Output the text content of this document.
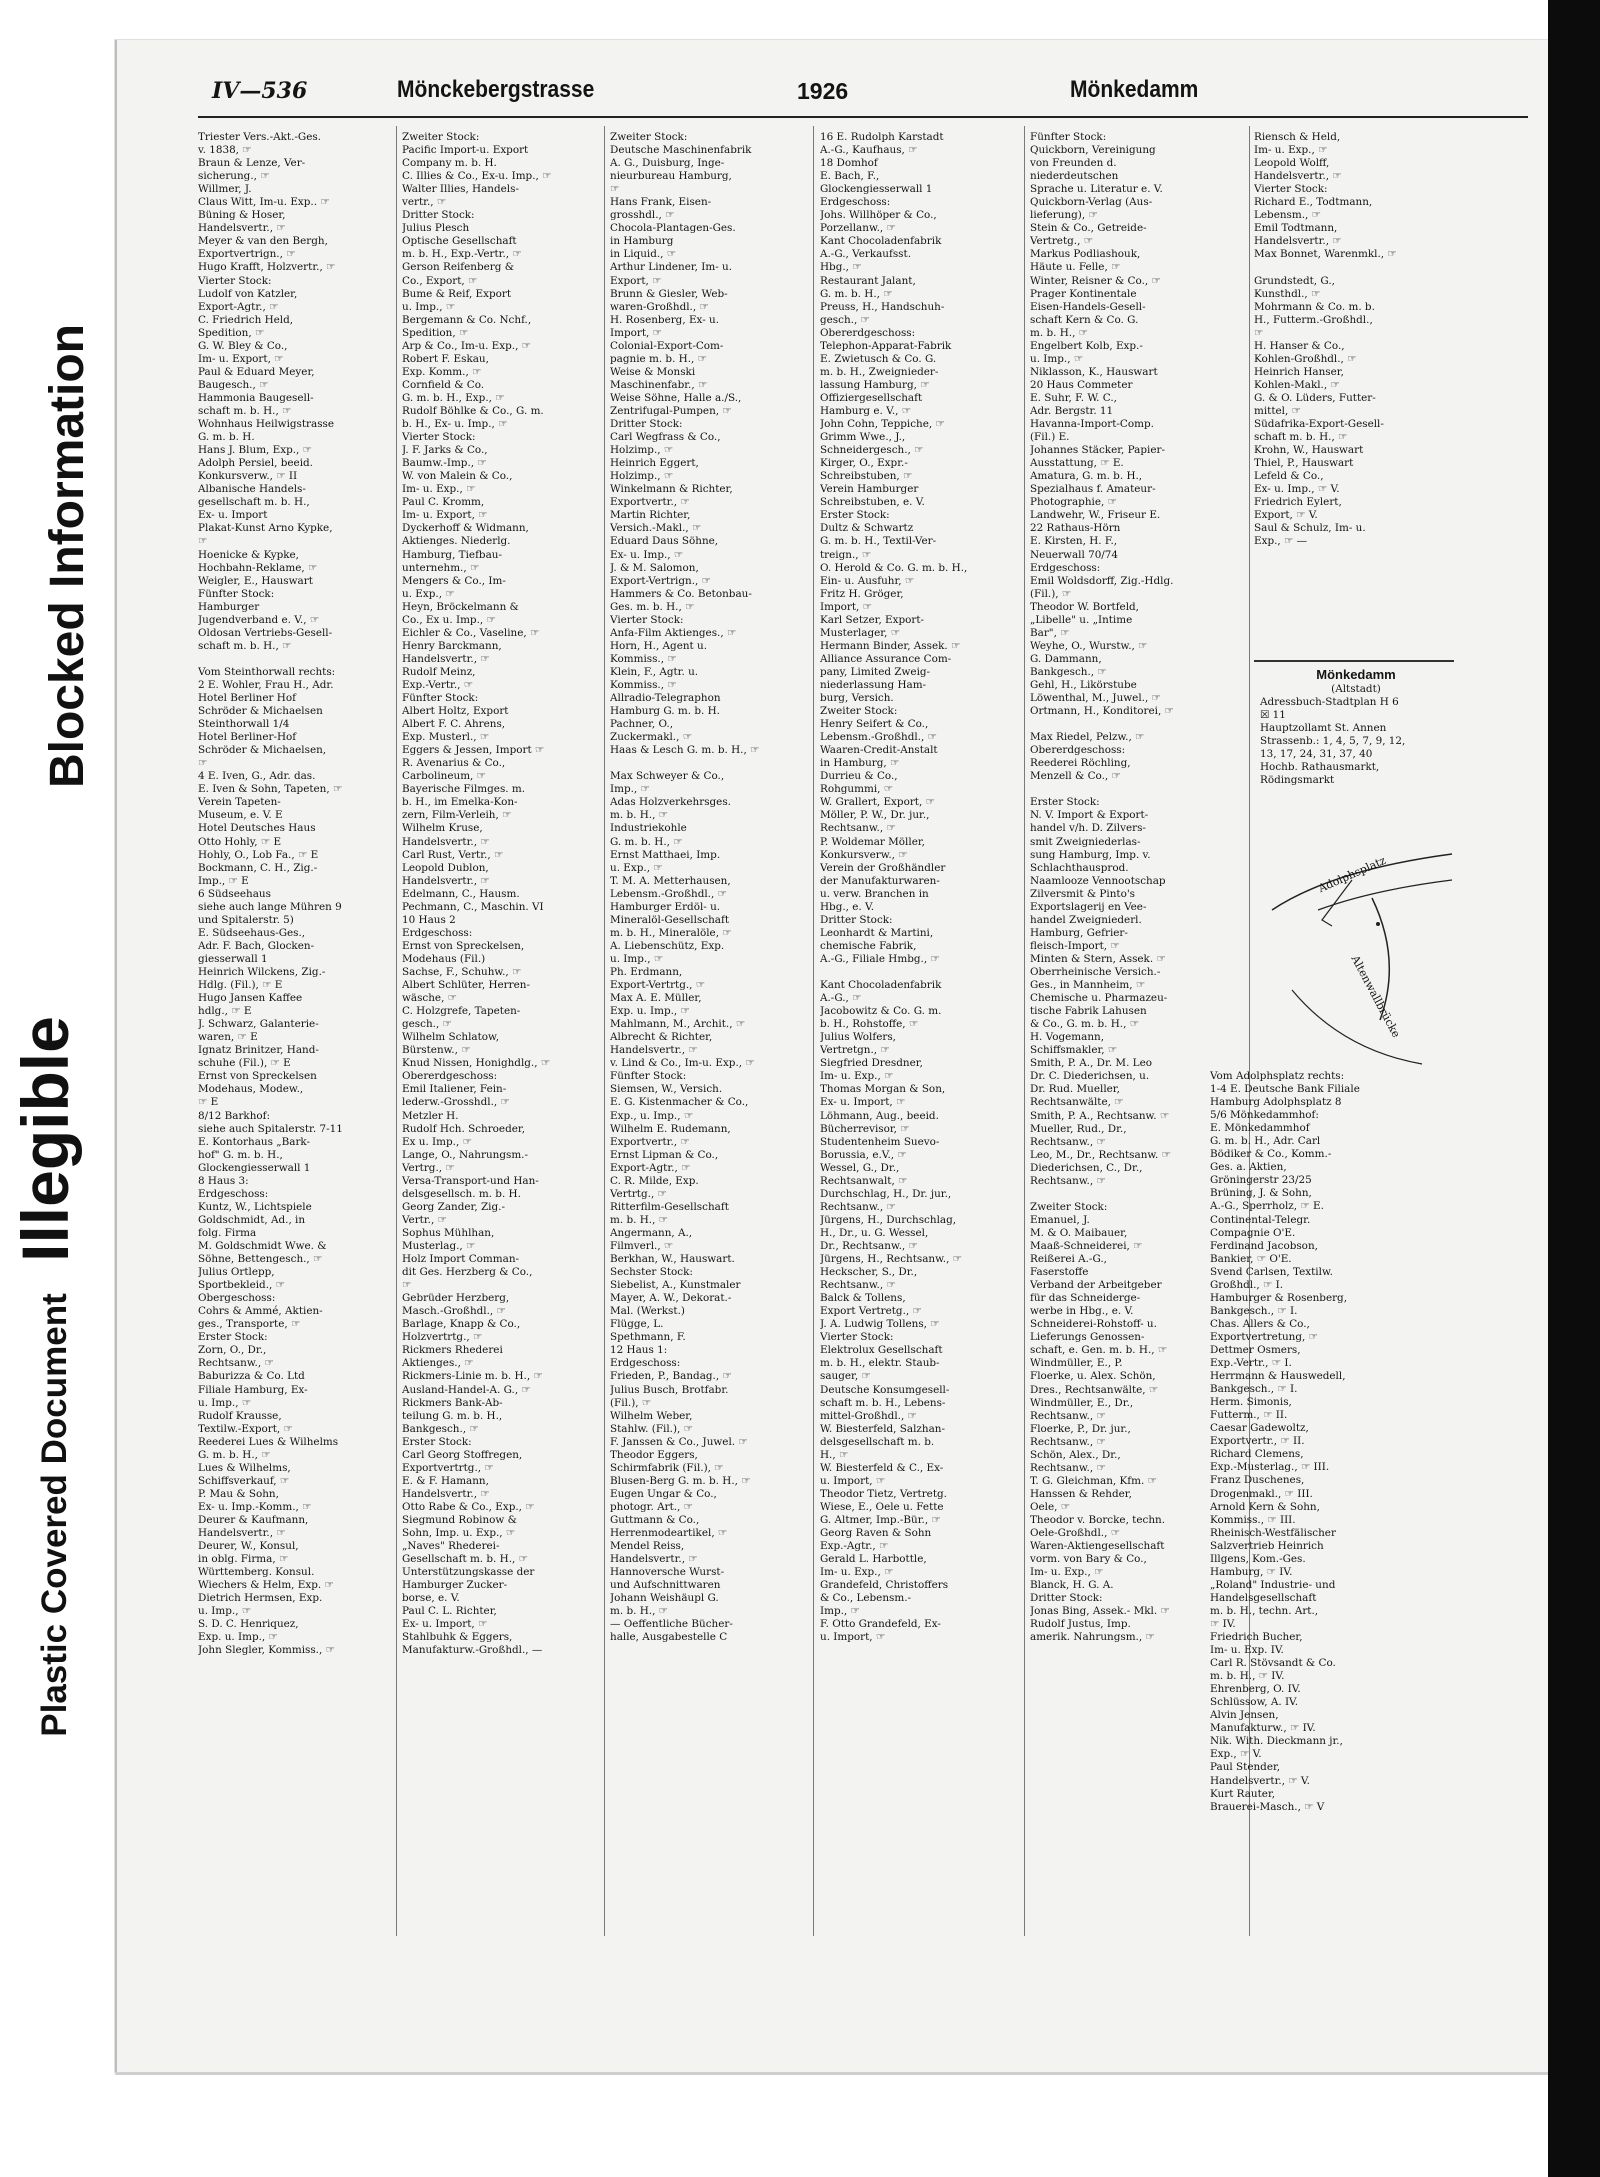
Blocked Information
Illegible
Plastic Covered Document
IV—536	Mönckebergstrasse	1926	Mönkedamm
Triester Vers.-Akt.-Ges.
v. 1838, ☞
Braun & Lenze, Ver-
sicherung., ☞
Willmer, J.
Claus Witt, Im-u. Exp.. ☞
Büning & Hoser,
Handelsvertr., ☞
Meyer & van den Bergh,
Exportvertrign., ☞
Hugo Krafft, Holzvertr., ☞
Vierter Stock:
Ludolf von Katzler,
Export-Agtr., ☞
C. Friedrich Held,
Spedition, ☞
G. W. Bley & Co.,
Im- u. Export, ☞
Paul & Eduard Meyer,
Baugesch., ☞
Hammonia Baugesell-
schaft m. b. H., ☞
Wohnhaus Heilwigstrasse
G. m. b. H.
Hans J. Blum, Exp., ☞
Adolph Persiel, beeid.
Konkursverw., ☞ II
Albanische Handels-
gesellschaft m. b. H.,
Ex- u. Import
Plakat-Kunst Arno Kypke,
☞
Hoenicke & Kypke,
Hochbahn-Reklame, ☞
Weigler, E., Hauswart
Fünfter Stock:
Hamburger
Jugendverband e. V., ☞
Oldosan Vertriebs-Gesell-
schaft m. b. H., ☞

Vom Steinthorwall rechts:
2 E. Wohler, Frau H., Adr.
Hotel Berliner Hof
Schröder & Michaelsen
Steinthorwall 1/4
Hotel Berliner-Hof
Schröder & Michaelsen,
☞
4 E. Iven, G., Adr. das.
E. Iven & Sohn, Tapeten, ☞
Verein Tapeten-
Museum, e. V. E
Hotel Deutsches Haus
Otto Hohly, ☞ E
Hohly, O., Lob Fa., ☞ E
Bockmann, C. H., Zig.-
Imp., ☞ E
6 Südseehaus
siehe auch lange Mühren 9
und Spitalerstr. 5)
E. Südseehaus-Ges.,
Adr. F. Bach, Glocken-
giesserwall 1
Heinrich Wilckens, Zig.-
Hdlg. (Fil.), ☞ E
Hugo Jansen Kaffee
hdlg., ☞ E
J. Schwarz, Galanterie-
waren, ☞ E
Ignatz Brinitzer, Hand-
schuhe (Fil.), ☞ E
Ernst von Spreckelsen
Modehaus, Modew.,
☞ E
8/12 Barkhof:
siehe auch Spitalerstr. 7-11
E. Kontorhaus „Bark-
hof" G. m. b. H.,
Glockengiesserwall 1
8 Haus 3:
Erdgeschoss:
Kuntz, W., Lichtspiele
Goldschmidt, Ad., in
folg. Firma
M. Goldschmidt Wwe. &
Söhne, Bettengesch., ☞
Julius Ortlepp,
Sportbekleid., ☞
Obergeschoss:
Cohrs & Ammé, Aktien-
ges., Transporte, ☞
Erster Stock:
Zorn, O., Dr.,
Rechtsanw., ☞
Baburizza & Co. Ltd
Filiale Hamburg, Ex-
u. Imp., ☞
Rudolf Krausse,
Textilw.-Export, ☞
Reederei Lues & Wilhelms
G. m. b. H., ☞
Lues & Wilhelms,
Schiffsverkauf, ☞
P. Mau & Sohn,
Ex- u. Imp.-Komm., ☞
Deurer & Kaufmann,
Handelsvertr., ☞
Deurer, W., Konsul,
in oblg. Firma, ☞
Württemberg. Konsul.
Wiechers & Helm, Exp. ☞
Dietrich Hermsen, Exp.
u. Imp., ☞
S. D. C. Henriquez,
Exp. u. Imp., ☞
John Slegler, Kommiss., ☞
Zweiter Stock:
Pacific Import-u. Export
Company m. b. H.
C. Illies & Co., Ex-u. Imp., ☞
Walter Illies, Handels-
vertr., ☞
Dritter Stock:
Julius Plesch
Optische Gesellschaft
m. b. H., Exp.-Vertr., ☞
Gerson Reifenberg &
Co., Export, ☞
Bume & Reif, Export
u. Imp., ☞
Bergemann & Co. Nchf.,
Spedition, ☞
Arp & Co., Im-u. Exp., ☞
Robert F. Eskau,
Exp. Komm., ☞
Cornfield & Co.
G. m. b. H., Exp., ☞
Rudolf Böhlke & Co., G. m.
b. H., Ex- u. Imp., ☞
Vierter Stock:
J. F. Jarks & Co.,
Baumw.-Imp., ☞
W. von Malein & Co.,
Im- u. Exp., ☞
Paul C. Kromm,
Im- u. Export, ☞
Dyckerhoff & Widmann,
Aktienges. Niederlg.
Hamburg, Tiefbau-
unternehm., ☞
Mengers & Co., Im-
u. Exp., ☞
Heyn, Bröckelmann &
Co., Ex u. Imp., ☞
Eichler & Co., Vaseline, ☞
Henry Barckmann,
Handelsvertr., ☞
Rudolf Meinz,
Exp.-Vertr., ☞
Fünfter Stock:
Albert Holtz, Export
Albert F. C. Ahrens,
Exp. Musterl., ☞
Eggers & Jessen, Import ☞
R. Avenarius & Co.,
Carbolineum, ☞
Bayerische Filmges. m.
b. H., im Emelka-Kon-
zern, Film-Verleih, ☞
Wilhelm Kruse,
Handelsvertr., ☞
Carl Rust, Vertr., ☞
Leopold Dublon,
Handelsvertr., ☞
Edelmann, C., Hausm.
Pechmann, C., Maschin. VI
10 Haus 2
Erdgeschoss:
Ernst von Spreckelsen,
Modehaus (Fil.)
Sachse, F., Schuhw., ☞
Albert Schlüter, Herren-
wäsche, ☞
C. Holzgrefe, Tapeten-
gesch., ☞
Wilhelm Schlatow,
Bürstenw., ☞
Knud Nissen, Honighdlg., ☞
Obererdgeschoss:
Emil Italiener, Fein-
lederw.-Grosshdl., ☞
Metzler H.
Rudolf Hch. Schroeder,
Ex u. Imp., ☞
Lange, O., Nahrungsm.-
Vertrg., ☞
Versa-Transport-und Han-
delsgesellsch. m. b. H.
Georg Zander, Zig.-
Vertr., ☞
Sophus Mühlhan,
Musterlag., ☞
Holz Import Comman-
dit Ges. Herzberg & Co.,
☞
Gebrüder Herzberg,
Masch.-Großhdl., ☞
Barlage, Knapp & Co.,
Holzvertrtg., ☞
Rickmers Rhederei
Aktienges., ☞
Rickmers-Linie m. b. H., ☞
Ausland-Handel-A. G., ☞
Rickmers Bank-Ab-
teilung G. m. b. H.,
Bankgesch., ☞
Erster Stock:
Carl Georg Stoffregen,
Exportvertrtg., ☞
E. & F. Hamann,
Handelsvertr., ☞
Otto Rabe & Co., Exp., ☞
Siegmund Robinow &
Sohn, Imp. u. Exp., ☞
„Naves" Rhederei-
Gesellschaft m. b. H., ☞
Unterstützungskasse der
Hamburger Zucker-
borse, e. V.
Paul C. L. Richter,
Ex- u. Import, ☞
Stahlbuhk & Eggers,
Manufakturw.-Großhdl., —
Zweiter Stock:
Deutsche Maschinenfabrik
A. G., Duisburg, Inge-
nieurbureau Hamburg,
☞
Hans Frank, Eisen-
grosshdl., ☞
Chocola-Plantagen-Ges.
in Hamburg
in Liquid., ☞
Arthur Lindener, Im- u.
Export, ☞
Brunn & Giesler, Web-
waren-Großhdl., ☞
H. Rosenberg, Ex- u.
Import, ☞
Colonial-Export-Com-
pagnie m. b. H., ☞
Weise & Monski
Maschinenfabr., ☞
Weise Söhne, Halle a./S.,
Zentrifugal-Pumpen, ☞
Dritter Stock:
Carl Wegfrass & Co.,
Holzimp., ☞
Heinrich Eggert,
Holzimp., ☞
Winkelmann & Richter,
Exportvertr., ☞
Martin Richter,
Versich.-Makl., ☞
Eduard Daus Söhne,
Ex- u. Imp., ☞
J. & M. Salomon,
Export-Vertrign., ☞
Hammers & Co. Betonbau-
Ges. m. b. H., ☞
Vierter Stock:
Anfa-Film Aktienges., ☞
Horn, H., Agent u.
Kommiss., ☞
Klein, F., Agtr. u.
Kommiss., ☞
Allradio-Telegraphon
Hamburg G. m. b. H.
Pachner, O.,
Zuckermakl., ☞
Haas & Lesch G. m. b. H., ☞

Max Schweyer & Co.,
Imp., ☞
Adas Holzverkehrsges.
m. b. H., ☞
Industriekohle
G. m. b. H., ☞
Ernst Matthaei, Imp.
u. Exp., ☞
T. M. A. Metterhausen,
Lebensm.-Großhdl., ☞
Hamburger Erdöl- u.
Mineralöl-Gesellschaft
m. b. H., Mineralöle, ☞
A. Liebenschütz, Exp.
u. Imp., ☞
Ph. Erdmann,
Export-Vertrtg., ☞
Max A. E. Müller,
Exp. u. Imp., ☞
Mahlmann, M., Archit., ☞
Albrecht & Richter,
Handelsvertr., ☞
v. Lind & Co., Im-u. Exp., ☞
Fünfter Stock:
Siemsen, W., Versich.
E. G. Kistenmacher & Co.,
Exp., u. Imp., ☞
Wilhelm E. Rudemann,
Exportvertr., ☞
Ernst Lipman & Co.,
Export-Agtr., ☞
C. R. Milde, Exp.
Vertrtg., ☞
Ritterfilm-Gesellschaft
m. b. H., ☞
Angermann, A.,
Filmverl., ☞
Berkhan, W., Hauswart.
Sechster Stock:
Siebelist, A., Kunstmaler
Mayer, A. W., Dekorat.-
Mal. (Werkst.)
Flügge, L.
Spethmann, F.
12 Haus 1:
Erdgeschoss:
Frieden, P., Bandag., ☞
Julius Busch, Brotfabr.
(Fil.), ☞
Wilhelm Weber,
Stahlw. (Fil.), ☞
F. Janssen & Co., Juwel. ☞
Theodor Eggers,
Schirmfabrik (Fil.), ☞
Blusen-Berg G. m. b. H., ☞
Eugen Ungar & Co.,
photogr. Art., ☞
Guttmann & Co.,
Herrenmodeartikel, ☞
Mendel Reiss,
Handelsvertr., ☞
Hannoversche Wurst-
und Aufschnittwaren
Johann Weishäupl G.
m. b. H., ☞
— Oeffentliche Bücher-
halle, Ausgabestelle C
16 E. Rudolph Karstadt
A.-G., Kaufhaus, ☞
18 Domhof
E. Bach, F.,
Glockengiesserwall 1
Erdgeschoss:
Johs. Willhöper & Co.,
Porzellanw., ☞
Kant Chocoladenfabrik
A.-G., Verkaufsst.
Hbg., ☞
Restaurant Jalant,
G. m. b. H., ☞
Preuss, H., Handschuh-
gesch., ☞
Obererdgeschoss:
Telephon-Apparat-Fabrik
E. Zwietusch & Co. G.
m. b. H., Zweignieder-
lassung Hamburg, ☞
Offiziergesellschaft
Hamburg e. V., ☞
John Cohn, Teppiche, ☞
Grimm Wwe., J.,
Schneidergesch., ☞
Kirger, O., Expr.-
Schreibstuben, ☞
Verein Hamburger
Schreibstuben, e. V.
Erster Stock:
Dultz & Schwartz
G. m. b. H., Textil-Ver-
treign., ☞
O. Herold & Co. G. m. b. H.,
Ein- u. Ausfuhr, ☞
Fritz H. Gröger,
Import, ☞
Karl Setzer, Export-
Musterlager, ☞
Hermann Binder, Assek. ☞
Alliance Assurance Com-
pany, Limited Zweig-
niederlassung Ham-
burg, Versich.
Zweiter Stock:
Henry Seifert & Co.,
Lebensm.-Großhdl., ☞
Waaren-Credit-Anstalt
in Hamburg, ☞
Durrieu & Co.,
Rohgummi, ☞
W. Grallert, Export, ☞
Möller, P. W., Dr. jur.,
Rechtsanw., ☞
P. Woldemar Möller,
Konkursverw., ☞
Verein der Großhändler
der Manufakturwaren-
u. verw. Branchen in
Hbg., e. V.
Dritter Stock:
Leonhardt & Martini,
chemische Fabrik,
A.-G., Filiale Hmbg., ☞

Kant Chocoladenfabrik
A.-G., ☞
Jacobowitz & Co. G. m.
b. H., Rohstoffe, ☞
Julius Wolfers,
Vertretgn., ☞
Siegfried Dresdner,
Im- u. Exp., ☞
Thomas Morgan & Son,
Ex- u. Import, ☞
Löhmann, Aug., beeid.
Bücherrevisor, ☞
Studentenheim Suevo-
Borussia, e.V., ☞
Wessel, G., Dr.,
Rechtsanwalt, ☞
Durchschlag, H., Dr. jur.,
Rechtsanw., ☞
Jürgens, H., Durchschlag,
H., Dr., u. G. Wessel,
Dr., Rechtsanw., ☞
Jürgens, H., Rechtsanw., ☞
Heckscher, S., Dr.,
Rechtsanw., ☞
Balck & Tollens,
Export Vertretg., ☞
J. A. Ludwig Tollens, ☞
Vierter Stock:
Elektrolux Gesellschaft
m. b. H., elektr. Staub-
sauger, ☞
Deutsche Konsumgesell-
schaft m. b. H., Lebens-
mittel-Großhdl., ☞
W. Biesterfeld, Salzhan-
delsgesellschaft m. b.
H., ☞
W. Biesterfeld & C., Ex-
u. Import, ☞
Theodor Tietz, Vertretg.
Wiese, E., Oele u. Fette
G. Altmer, Imp.-Bür., ☞
Georg Raven & Sohn
Exp.-Agtr., ☞
Gerald L. Harbottle,
Im- u. Exp., ☞
Grandefeld, Christoffers
& Co., Lebensm.-
Imp., ☞
F. Otto Grandefeld, Ex-
u. Import, ☞
Fünfter Stock:
Quickborn, Vereinigung
von Freunden d.
niederdeutschen
Sprache u. Literatur e. V.
Quickborn-Verlag (Aus-
lieferung), ☞
Stein & Co., Getreide-
Vertretg., ☞
Markus Podliashouk,
Häute u. Felle, ☞
Winter, Reisner & Co., ☞
Prager Kontinentale
Eisen-Handels-Gesell-
schaft Kern & Co. G.
m. b. H., ☞
Engelbert Kolb, Exp.-
u. Imp., ☞
Niklasson, K., Hauswart
20 Haus Commeter
E. Suhr, F. W. C.,
Adr. Bergstr. 11
Havanna-Import-Comp.
(Fil.) E.
Johannes Stäcker, Papier-
Ausstattung, ☞ E.
Amatura, G. m. b. H.,
Spezialhaus f. Amateur-
Photographie, ☞
Landwehr, W., Friseur E.
22 Rathaus-Hörn
E. Kirsten, H. F.,
Neuerwall 70/74
Erdgeschoss:
Emil Woldsdorff, Zig.-Hdlg.
(Fil.), ☞
Theodor W. Bortfeld,
„Libelle" u. „Intime
Bar", ☞
Weyhe, O., Wurstw., ☞
G. Dammann,
Bankgesch., ☞
Gehl, H., Likörstube
Löwenthal, M., Juwel., ☞
Ortmann, H., Konditorei, ☞

Max Riedel, Pelzw., ☞
Obererdgeschoss:
Reederei Röchling,
Menzell & Co., ☞

Erster Stock:
N. V. Import & Export-
handel v/h. D. Zilvers-
smit Zweigniederlas-
sung Hamburg, Imp. v.
Schlachthausprod.
Naamlooze Vennootschap
Zilversmit & Pinto's
Exportslagerij en Vee-
handel Zweigniederl.
Hamburg, Gefrier-
fleisch-Import, ☞
Minten & Stern, Assek. ☞
Oberrheinische Versich.-
Ges., in Mannheim, ☞
Chemische u. Pharmazeu-
tische Fabrik Lahusen
& Co., G. m. b. H., ☞
H. Vogemann,
Schiffsmakler, ☞
Smith, P. A., Dr. M. Leo
Dr. C. Diederichsen, u.
Dr. Rud. Mueller,
Rechtsanwälte, ☞
Smith, P. A., Rechtsanw. ☞
Mueller, Rud., Dr.,
Rechtsanw., ☞
Leo, M., Dr., Rechtsanw. ☞
Diederichsen, C., Dr.,
Rechtsanw., ☞

Zweiter Stock:
Emanuel, J.
M. & O. Maibauer,
Maaß-Schneiderei, ☞
Reißerei A.-G.,
Faserstoffe
Verband der Arbeitgeber
für das Schneiderge-
werbe in Hbg., e. V.
Schneiderei-Rohstoff- u.
Lieferungs Genossen-
schaft, e. Gen. m. b. H., ☞
Windmüller, E., P.
Floerke, u. Alex. Schön,
Dres., Rechtsanwälte, ☞
Windmüller, E., Dr.,
Rechtsanw., ☞
Floerke, P., Dr. jur.,
Rechtsanw., ☞
Schön, Alex., Dr.,
Rechtsanw., ☞
T. G. Gleichman, Kfm. ☞
Hanssen & Rehder,
Oele, ☞
Theodor v. Borcke, techn.
Oele-Großhdl., ☞
Waren-Aktiengesellschaft
vorm. von Bary & Co.,
Im- u. Exp., ☞
Blanck, H. G. A.
Dritter Stock:
Jonas Bing, Assek.- Mkl. ☞
Rudolf Justus, Imp.
amerik. Nahrungsm., ☞
Riensch & Held,
Im- u. Exp., ☞
Leopold Wolff,
Handelsvertr., ☞
Vierter Stock:
Richard E., Todtmann,
Lebensm., ☞
Emil Todtmann,
Handelsvertr., ☞
Max Bonnet, Warenmkl., ☞

Grundstedt, G.,
Kunsthdl., ☞
Mohrmann & Co. m. b.
H., Futterm.-Großhdl.,
☞
H. Hanser & Co.,
Kohlen-Großhdl., ☞
Heinrich Hanser,
Kohlen-Makl., ☞
G. & O. Lüders, Futter-
mittel, ☞
Südafrika-Export-Gesell-
schaft m. b. H., ☞
Krohn, W., Hauswart
Thiel, P., Hauswart
Lefeld & Co.,
Ex- u. Imp., ☞ V.
Friedrich Eylert,
Export, ☞ V.
Saul & Schulz, Im- u.
Exp., ☞ —
Mönkedamm
(Altstadt)
Adressbuch-Stadtplan H 6
☒ 11
Hauptzollamt St. Annen
Strassenb.: 1, 4, 5, 7, 9, 12,
13, 17, 24, 31, 37, 40
Hochb. Rathausmarkt,
Rödingsmarkt
Adolphsplatz
Altenwallbrücke
Vom Adolphsplatz rechts:
1-4 E. Deutsche Bank Filiale
Hamburg Adolphsplatz 8
5/6 Mönkedammhof:
E. Mönkedammhof
G. m. b. H., Adr. Carl
Bödiker & Co., Komm.-
Ges. a. Aktien,
Gröningerstr 23/25
Brüning, J. & Sohn,
A.-G., Sperrholz, ☞ E.
Continental-Telegr.
Compagnie O'E.
Ferdinand Jacobson,
Bankier, ☞ O'E.
Svend Carlsen, Textilw.
Großhdl., ☞ I.
Hamburger & Rosenberg,
Bankgesch., ☞ I.
Chas. Allers & Co.,
Exportvertretung, ☞
Dettmer Osmers,
Exp.-Vertr., ☞ I.
Herrmann & Hauswedell,
Bankgesch., ☞ I.
Herm. Simonis,
Futterm., ☞ II.
Caesar Gadewoltz,
Exportvertr., ☞ II.
Richard Clemens,
Exp.-Musterlag., ☞ III.
Franz Duschenes,
Drogenmakl., ☞ III.
Arnold Kern & Sohn,
Kommiss., ☞ III.
Rheinisch-Westfälischer
Salzvertrieb Heinrich
Illgens, Kom.-Ges.
Hamburg, ☞ IV.
„Roland" Industrie- und
Handelsgesellschaft
m. b. H., techn. Art.,
☞ IV.
Friedrich Bucher,
Im- u. Exp. IV.
Carl R. Stövsandt & Co.
m. b. H., ☞ IV.
Ehrenberg, O. IV.
Schlüssow, A. IV.
Alvin Jensen,
Manufakturw., ☞ IV.
Nik. With. Dieckmann jr.,
Exp., ☞ V.
Paul Stender,
Handelsvertr., ☞ V.
Kurt Rauter,
Brauerei-Masch., ☞ V
